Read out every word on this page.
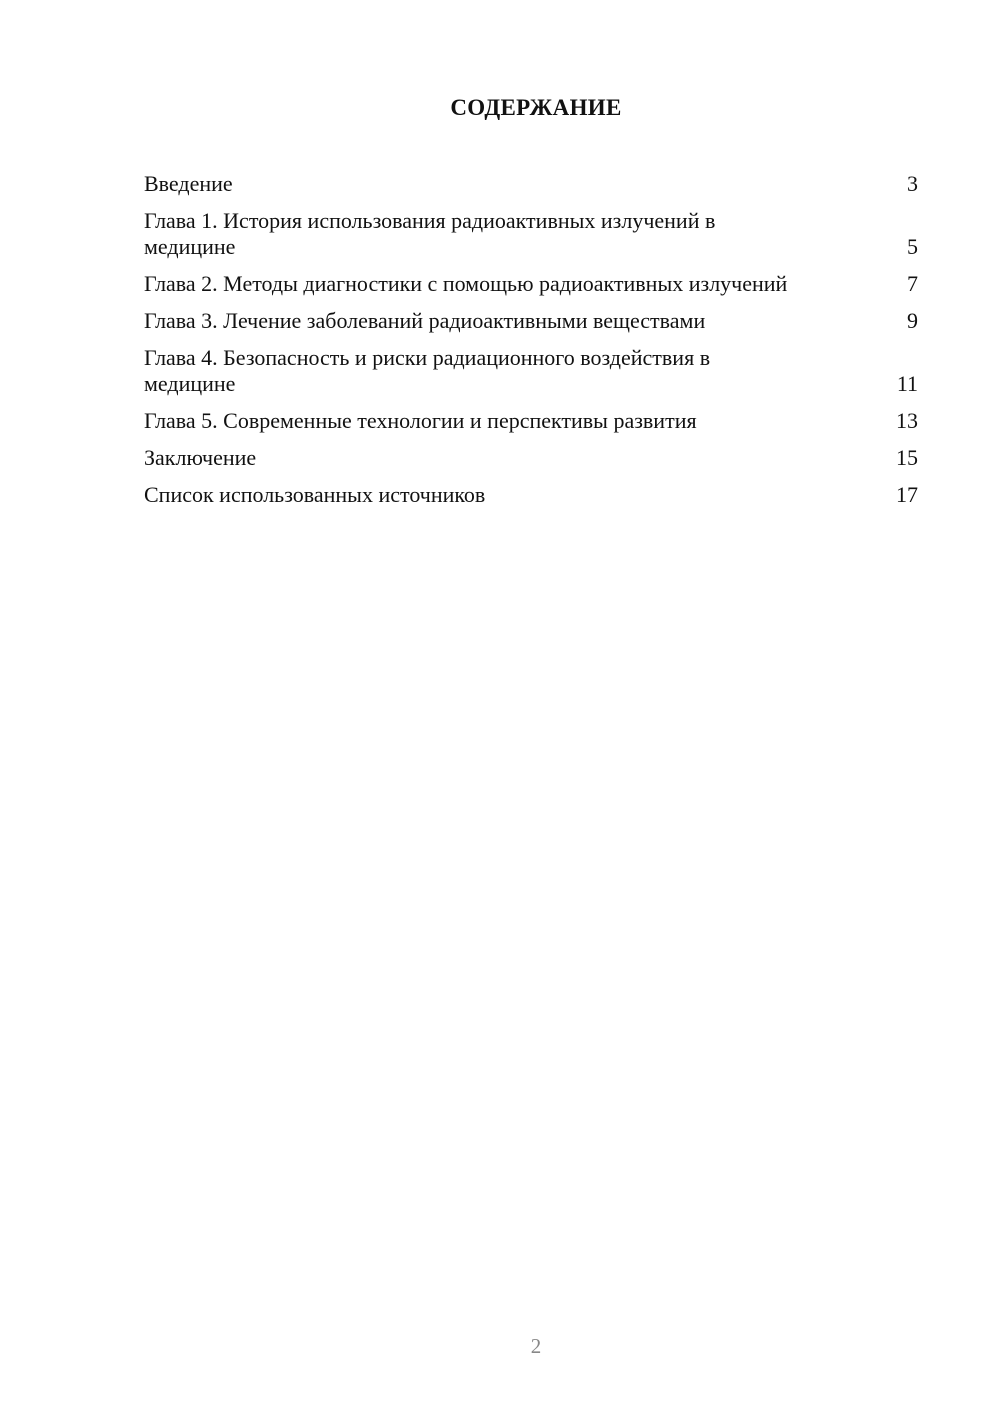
СОДЕРЖАНИЕ
Введение	3
Глава 1. История использования радиоактивных излучений в медицине	5
Глава 2. Методы диагностики с помощью радиоактивных излучений	7
Глава 3. Лечение заболеваний радиоактивными веществами	9
Глава 4. Безопасность и риски радиационного воздействия в медицине	11
Глава 5. Современные технологии и перспективы развития	13
Заключение	15
Список использованных источников	17
2
